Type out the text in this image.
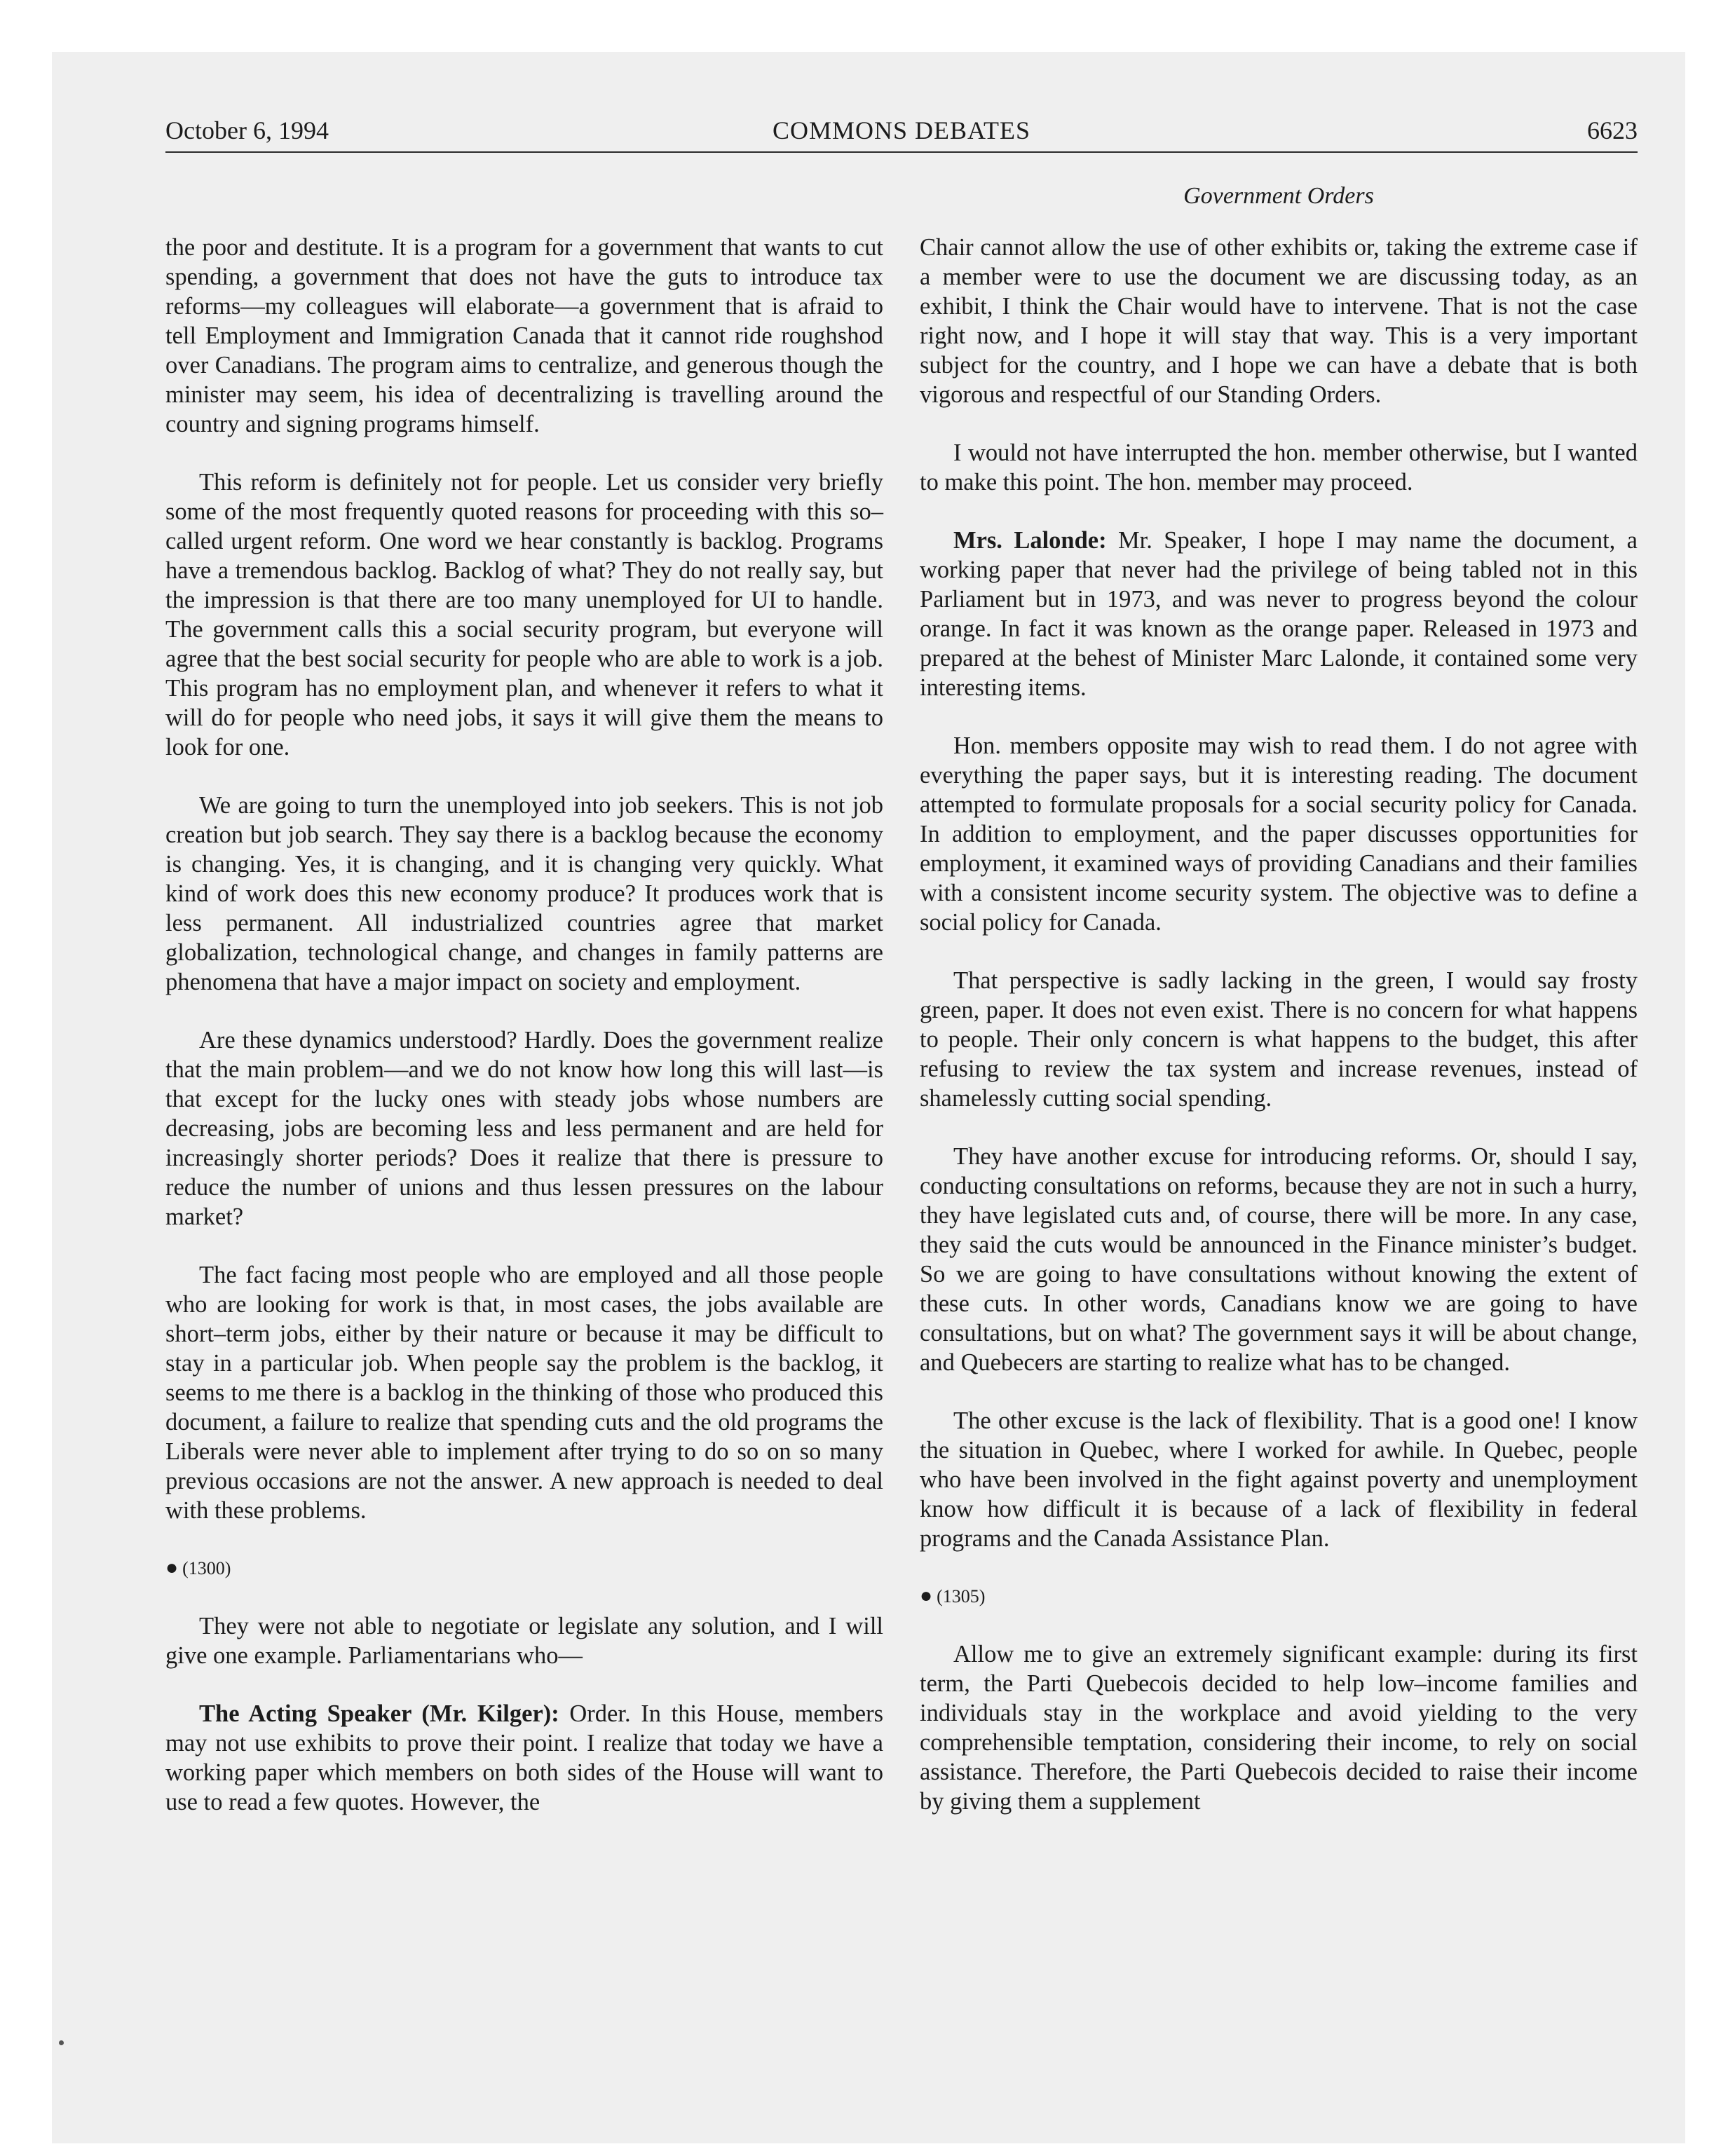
October 6, 1994	COMMONS DEBATES	6623
Government Orders

the poor and destitute. It is a program for a government that wants to cut spending, a government that does not have the guts to introduce tax reforms—my colleagues will elaborate—a government that is afraid to tell Employment and Immigration Canada that it cannot ride roughshod over Canadians. The program aims to centralize, and generous though the minister may seem, his idea of decentralizing is travelling around the country and signing programs himself.

This reform is definitely not for people. Let us consider very briefly some of the most frequently quoted reasons for proceeding with this so–called urgent reform. One word we hear constantly is backlog. Programs have a tremendous backlog. Backlog of what? They do not really say, but the impression is that there are too many unemployed for UI to handle. The government calls this a social security program, but everyone will agree that the best social security for people who are able to work is a job. This program has no employment plan, and whenever it refers to what it will do for people who need jobs, it says it will give them the means to look for one.

We are going to turn the unemployed into job seekers. This is not job creation but job search. They say there is a backlog because the economy is changing. Yes, it is changing, and it is changing very quickly. What kind of work does this new economy produce? It produces work that is less permanent. All industrialized countries agree that market globalization, technological change, and changes in family patterns are phenomena that have a major impact on society and employment.

Are these dynamics understood? Hardly. Does the government realize that the main problem—and we do not know how long this will last—is that except for the lucky ones with steady jobs whose numbers are decreasing, jobs are becoming less and less permanent and are held for increasingly shorter periods? Does it realize that there is pressure to reduce the number of unions and thus lessen pressures on the labour market?

The fact facing most people who are employed and all those people who are looking for work is that, in most cases, the jobs available are short–term jobs, either by their nature or because it may be difficult to stay in a particular job. When people say the problem is the backlog, it seems to me there is a backlog in the thinking of those who produced this document, a failure to realize that spending cuts and the old programs the Liberals were never able to implement after trying to do so on so many previous occasions are not the answer. A new approach is needed to deal with these problems.

● (1300)

They were not able to negotiate or legislate any solution, and I will give one example. Parliamentarians who—

The Acting Speaker (Mr. Kilger): Order. In this House, members may not use exhibits to prove their point. I realize that today we have a working paper which members on both sides of the House will want to use to read a few quotes. However, the

Chair cannot allow the use of other exhibits or, taking the extreme case if a member were to use the document we are discussing today, as an exhibit, I think the Chair would have to intervene. That is not the case right now, and I hope it will stay that way. This is a very important subject for the country, and I hope we can have a debate that is both vigorous and respectful of our Standing Orders.

I would not have interrupted the hon. member otherwise, but I wanted to make this point. The hon. member may proceed.

Mrs. Lalonde: Mr. Speaker, I hope I may name the document, a working paper that never had the privilege of being tabled not in this Parliament but in 1973, and was never to progress beyond the colour orange. In fact it was known as the orange paper. Released in 1973 and prepared at the behest of Minister Marc Lalonde, it contained some very interesting items.

Hon. members opposite may wish to read them. I do not agree with everything the paper says, but it is interesting reading. The document attempted to formulate proposals for a social security policy for Canada. In addition to employment, and the paper discusses opportunities for employment, it examined ways of providing Canadians and their families with a consistent income security system. The objective was to define a social policy for Canada.

That perspective is sadly lacking in the green, I would say frosty green, paper. It does not even exist. There is no concern for what happens to people. Their only concern is what happens to the budget, this after refusing to review the tax system and increase revenues, instead of shamelessly cutting social spending.

They have another excuse for introducing reforms. Or, should I say, conducting consultations on reforms, because they are not in such a hurry, they have legislated cuts and, of course, there will be more. In any case, they said the cuts would be announced in the Finance minister’s budget. So we are going to have consultations without knowing the extent of these cuts. In other words, Canadians know we are going to have consultations, but on what? The government says it will be about change, and Quebecers are starting to realize what has to be changed.

The other excuse is the lack of flexibility. That is a good one! I know the situation in Quebec, where I worked for awhile. In Quebec, people who have been involved in the fight against poverty and unemployment know how difficult it is because of a lack of flexibility in federal programs and the Canada Assistance Plan.

● (1305)

Allow me to give an extremely significant example: during its first term, the Parti Quebecois decided to help low–income families and individuals stay in the workplace and avoid yielding to the very comprehensible temptation, considering their income, to rely on social assistance. Therefore, the Parti Quebecois decided to raise their income by giving them a supplement
